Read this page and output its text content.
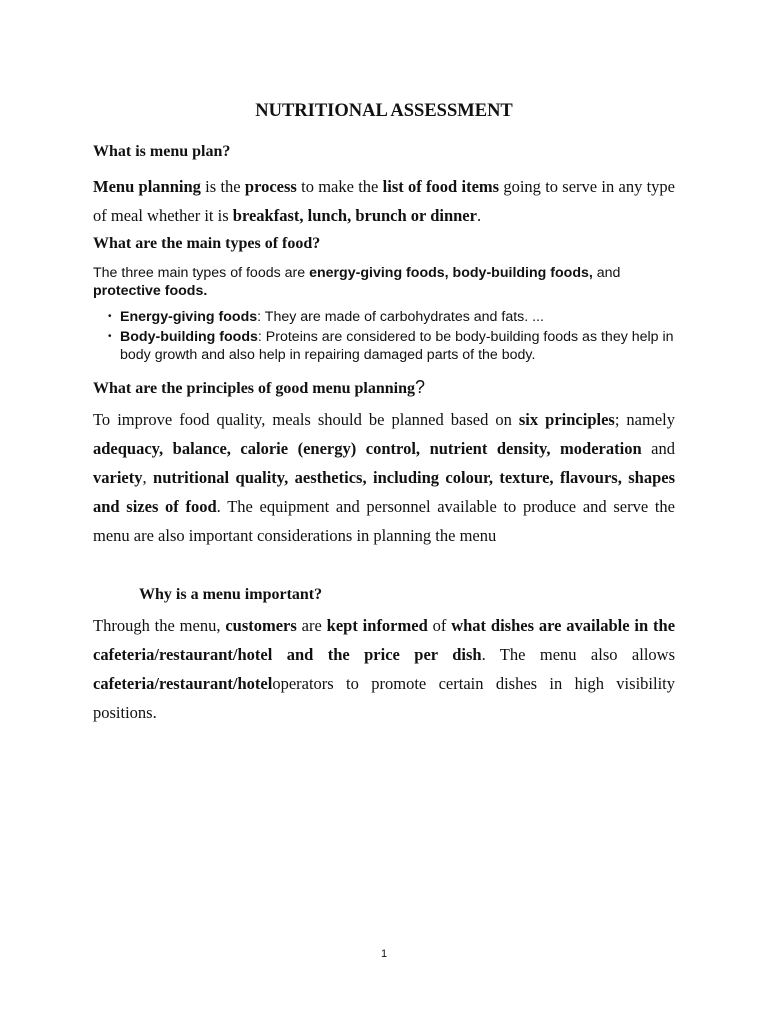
NUTRITIONAL ASSESSMENT
What is menu plan?

Menu planning is the process to make the list of food items going to serve in any type of meal whether it is breakfast, lunch, brunch or dinner.

What are the main types of food?

The three main types of foods are energy-giving foods, body-building foods, and protective foods.

• Energy-giving foods: They are made of carbohydrates and fats. ...
• Body-building foods: Proteins are considered to be body-building foods as they help in body growth and also help in repairing damaged parts of the body.
What are the principles of good menu planning?

To improve food quality, meals should be planned based on six principles; namely adequacy, balance, calorie (energy) control, nutrient density, moderation and variety, nutritional quality, aesthetics, including colour, texture, flavours, shapes and sizes of food. The equipment and personnel available to produce and serve the menu are also important considerations in planning the menu

Why is a menu important?

Through the menu, customers are kept informed of what dishes are available in the cafeteria/restaurant/hotel and the price per dish. The menu also allows cafeteria/restaurant/hoteloperators to promote certain dishes in high visibility positions.

1
